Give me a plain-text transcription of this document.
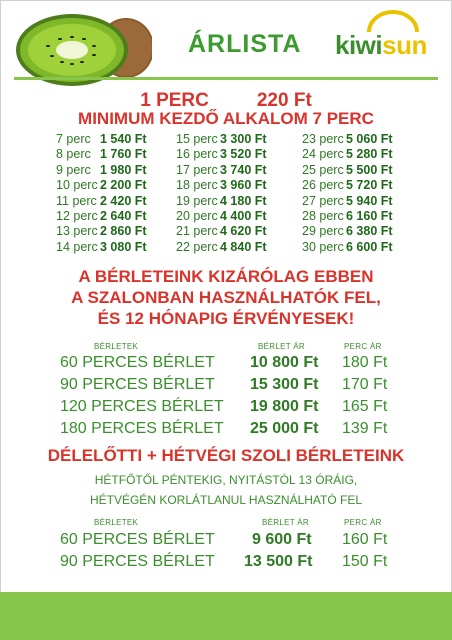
ÁRLISTA kiwisun
1 PERC	220 Ft
MINIMUM KEZDŐ ALKALOM 7 PERC
7 perc 1 540 Ft
8 perc 1 760 Ft
9 perc 1 980 Ft
10 perc 2 200 Ft
11 perc 2 420 Ft
12 perc 2 640 Ft
13 perc 2 860 Ft
14 perc 3 080 Ft
15 perc 3 300 Ft
16 perc 3 520 Ft
17 perc 3 740 Ft
18 perc 3 960 Ft
19 perc 4 180 Ft
20 perc 4 400 Ft
21 perc 4 620 Ft
22 perc 4 840 Ft
23 perc 5 060 Ft
24 perc 5 280 Ft
25 perc 5 500 Ft
26 perc 5 720 Ft
27 perc 5 940 Ft
28 perc 6 160 Ft
29 perc 6 380 Ft
30 perc 6 600 Ft
A BÉRLETEINK KIZÁRÓLAG EBBEN
A SZALONBAN HASZNÁLHATÓK FEL,
ÉS 12 HÓNAPIG ÉRVÉNYESEK!
BÉRLETEK	BÉRLET ÁR	PERC ÁR
60 PERCES BÉRLET 10 800 Ft 180 Ft
90 PERCES BÉRLET 15 300 Ft 170 Ft
120 PERCES BÉRLET 19 800 Ft 165 Ft
180 PERCES BÉRLET 25 000 Ft 139 Ft
DÉLELŐTTI + HÉTVÉGI SZOLI BÉRLETEINK
HÉTFŐTŐL PÉNTEKIG, NYITÁSTÓL 13 ÓRÁIG,
HÉTVÉGÉN KORLÁTLANUL HASZNÁLHATÓ FEL
BÉRLETEK	BÉRLET ÁR	PERC ÁR
60 PERCES BÉRLET 9 600 Ft 160 Ft
90 PERCES BÉRLET 13 500 Ft 150 Ft
